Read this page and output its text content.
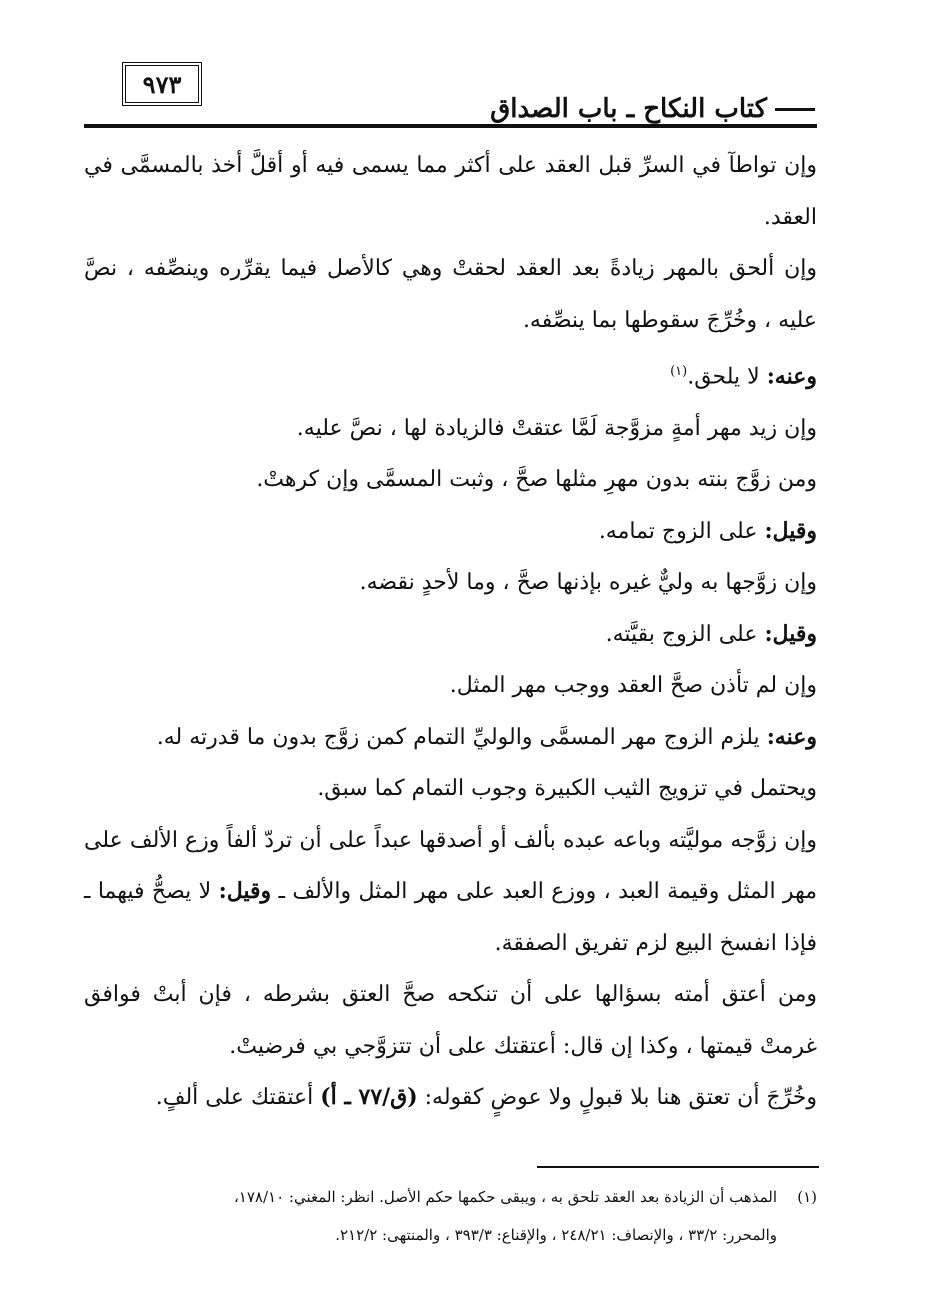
٩٧٣
كتاب النكاح ـ باب الصداق

وإن تواطآ في السرِّ قبل العقد على أكثر مما يسمى فيه أو أقلَّ أخذ بالمسمَّى في العقد.

وإن ألحق بالمهر زيادةً بعد العقد لحقتْ وهي كالأصل فيما يقرِّره وينصِّفه ، نصَّ عليه ، وخُرِّجَ سقوطها بما ينصِّفه.

وعنه: لا يلحق.$^{(١)}$

وإن زيد مهر أمةٍ مزوَّجة لَمَّا عتقتْ فالزيادة لها ، نصَّ عليه.

ومن زوَّج بنته بدون مهرِ مثلها صحَّ ، وثبت المسمَّى وإن كرهتْ.

وقيل: على الزوج تمامه.

وإن زوَّجها به وليٌّ غيره بإذنها صحَّ ، وما لأحدٍ نقضه.

وقيل: على الزوج بقيَّته.

وإن لم تأذن صحَّ العقد ووجب مهر المثل.

وعنه: يلزم الزوج مهر المسمَّى والوليِّ التمام كمن زوَّج بدون ما قدرته له.

ويحتمل في تزويج الثيب الكبيرة وجوب التمام كما سبق.

وإن زوَّجه موليَّته وباعه عبده بألف أو أصدقها عبداً على أن تردّ ألفاً وزع الألف على مهر المثل وقيمة العبد ، ووزع العبد على مهر المثل والألف ـ وقيل: لا يصحُّ فيهما ـ فإذا انفسخ البيع لزم تفريق الصفقة.

ومن أعتق أمته بسؤالها على أن تنكحه صحَّ العتق بشرطه ، فإن أبتْ فوافق غرمتْ قيمتها ، وكذا إن قال: أعتقتك على أن تتزوَّجي بي فرضيتْ.

وخُرِّجَ أن تعتق هنا بلا قبولٍ ولا عوضٍ كقوله: (ق/٧٧ ـ أ) أعتقتك على ألفٍ.

(١)المذهب أن الزيادة بعد العقد تلحق به ، ويبقى حكمها حكم الأصل. انظر: المغني: ١٧٨/١٠،

والمحرر: ٣٣/٢ ، والإنصاف: ٢٤٨/٢١ ، والإقناع: ٣٩٣/٣ ، والمنتهى: ٢١٢/٢.
